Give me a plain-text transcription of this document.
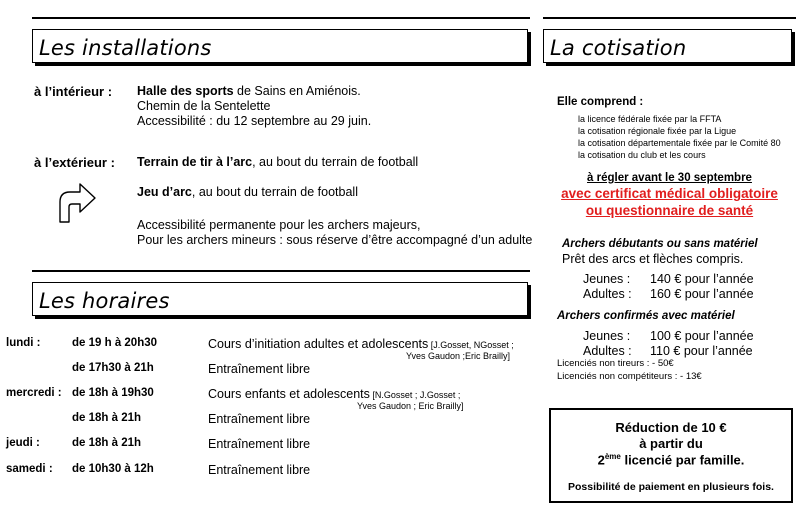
Les installations
à l’intérieur : Halle des sports de Sains en Amiénois.
Chemin de la Sentelette
Accessibilité : du 12 septembre au 29 juin.
à l’extérieur : Terrain de tir à l’arc, au bout du terrain de football
Jeu d’arc, au bout du terrain de football
Accessibilité permanente pour les archers majeurs,
Pour les archers mineurs : sous réserve d’être accompagné d’un adulte
Les horaires
lundi :	de 19 h à 20h30	Cours d’initiation adultes et adolescents [J.Gosset, NGosset ;
Yves Gaudon ;Eric Brailly]
de 17h30 à 21h	Entraînement libre
mercredi : de 18h à 19h30	Cours enfants et adolescents [N.Gosset ; J.Gosset ;
Yves Gaudon ; Eric Brailly]
de 18h à 21h	Entraînement libre
jeudi :	de 18h à 21h	Entraînement libre
samedi : de 10h30 à 12h	Entraînement libre
La cotisation
Elle comprend :
la licence fédérale fixée par la FFTA
la cotisation régionale fixée par la Ligue
la cotisation départementale fixée par le Comité 80
la cotisation du club et les cours
à régler avant le 30 septembre
avec certificat médical obligatoire
ou questionnaire de santé
Archers débutants ou sans matériel
Prêt des arcs et flèches compris.
Jeunes : 140 € pour l’année
Adultes : 160 € pour l’année
Archers confirmés avec matériel
Jeunes : 100 € pour l’année
Adultes : 110 € pour l’année
Licenciés non tireurs : - 50€
Licenciés non compétiteurs : - 13€
Réduction de 10 €
à partir du
2ème licencié par famille.
Possibilité de paiement en plusieurs fois.
